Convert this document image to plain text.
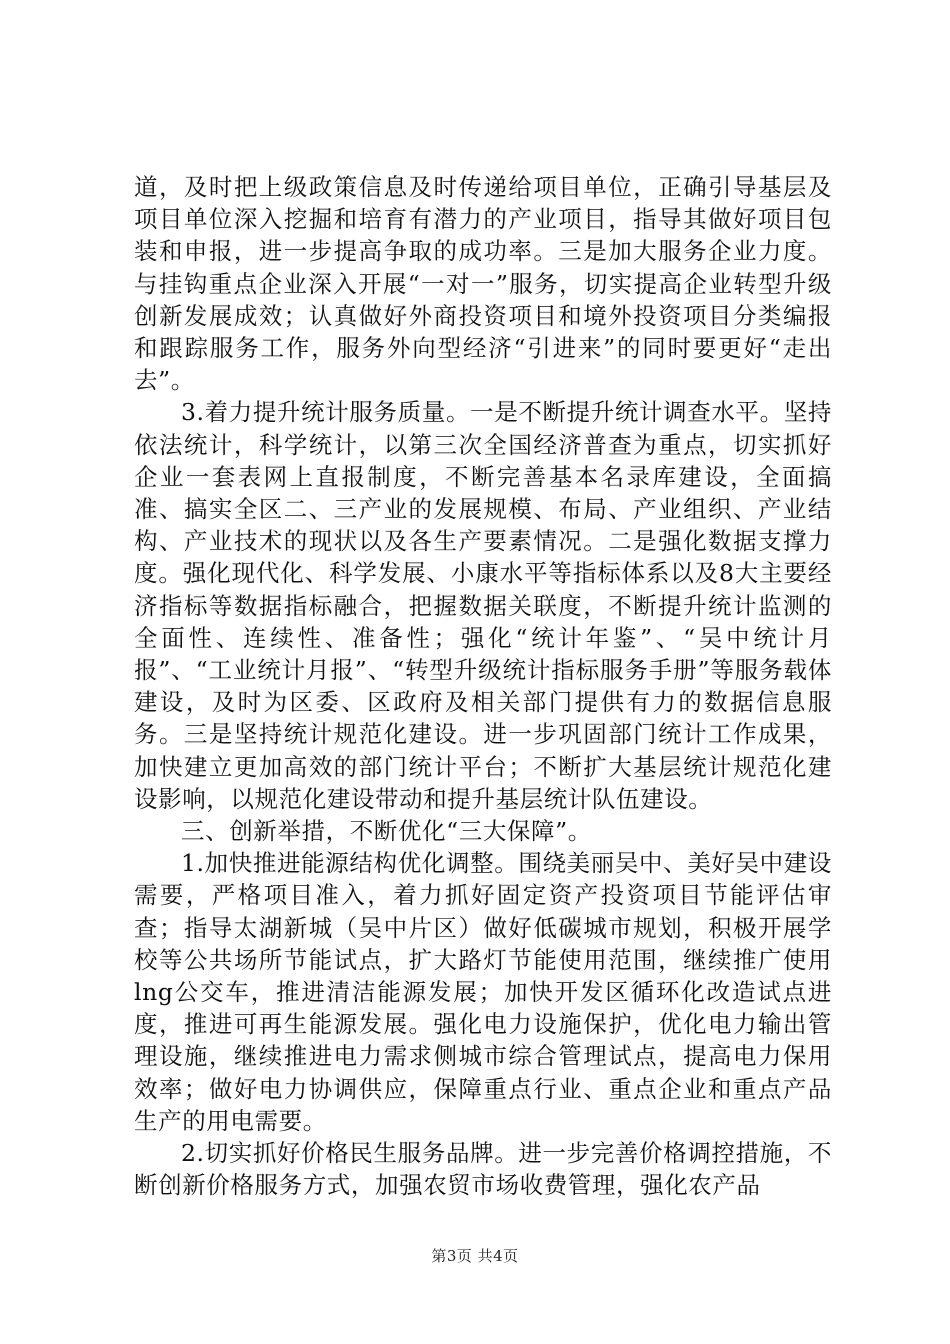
道，及时把上级政策信息及时传递给项目单位，正确引导基层及项目单位深入挖掘和培育有潜力的产业项目，指导其做好项目包装和申报，进一步提高争取的成功率。三是加大服务企业力度。与挂钩重点企业深入开展“一对一”服务，切实提高企业转型升级创新发展成效；认真做好外商投资项目和境外投资项目分类编报和跟踪服务工作，服务外向型经济“引进来”的同时要更好“走出去”。

3.着力提升统计服务质量。一是不断提升统计调查水平。坚持依法统计，科学统计，以第三次全国经济普查为重点，切实抓好企业一套表网上直报制度，不断完善基本名录库建设，全面搞准、搞实全区二、三产业的发展规模、布局、产业组织、产业结构、产业技术的现状以及各生产要素情况。二是强化数据支撑力度。强化现代化、科学发展、小康水平等指标体系以及8大主要经济指标等数据指标融合，把握数据关联度，不断提升统计监测的全面性、连续性、准备性；强化“统计年鉴”、“吴中统计月报”、“工业统计月报”、“转型升级统计指标服务手册”等服务载体建设，及时为区委、区政府及相关部门提供有力的数据信息服务。三是坚持统计规范化建设。进一步巩固部门统计工作成果，加快建立更加高效的部门统计平台；不断扩大基层统计规范化建设影响，以规范化建设带动和提升基层统计队伍建设。

三、创新举措，不断优化“三大保障”。

1.加快推进能源结构优化调整。围绕美丽吴中、美好吴中建设需要，严格项目准入，着力抓好固定资产投资项目节能评估审查；指导太湖新城（吴中片区）做好低碳城市规划，积极开展学校等公共场所节能试点，扩大路灯节能使用范围，继续推广使用lng公交车，推进清洁能源发展；加快开发区循环化改造试点进度，推进可再生能源发展。强化电力设施保护，优化电力输出管理设施，继续推进电力需求侧城市综合管理试点，提高电力保用效率；做好电力协调供应，保障重点行业、重点企业和重点产品生产的用电需要。

2.切实抓好价格民生服务品牌。进一步完善价格调控措施，不断创新价格服务方式，加强农贸市场收费管理，强化农产品

第3页 共4页
